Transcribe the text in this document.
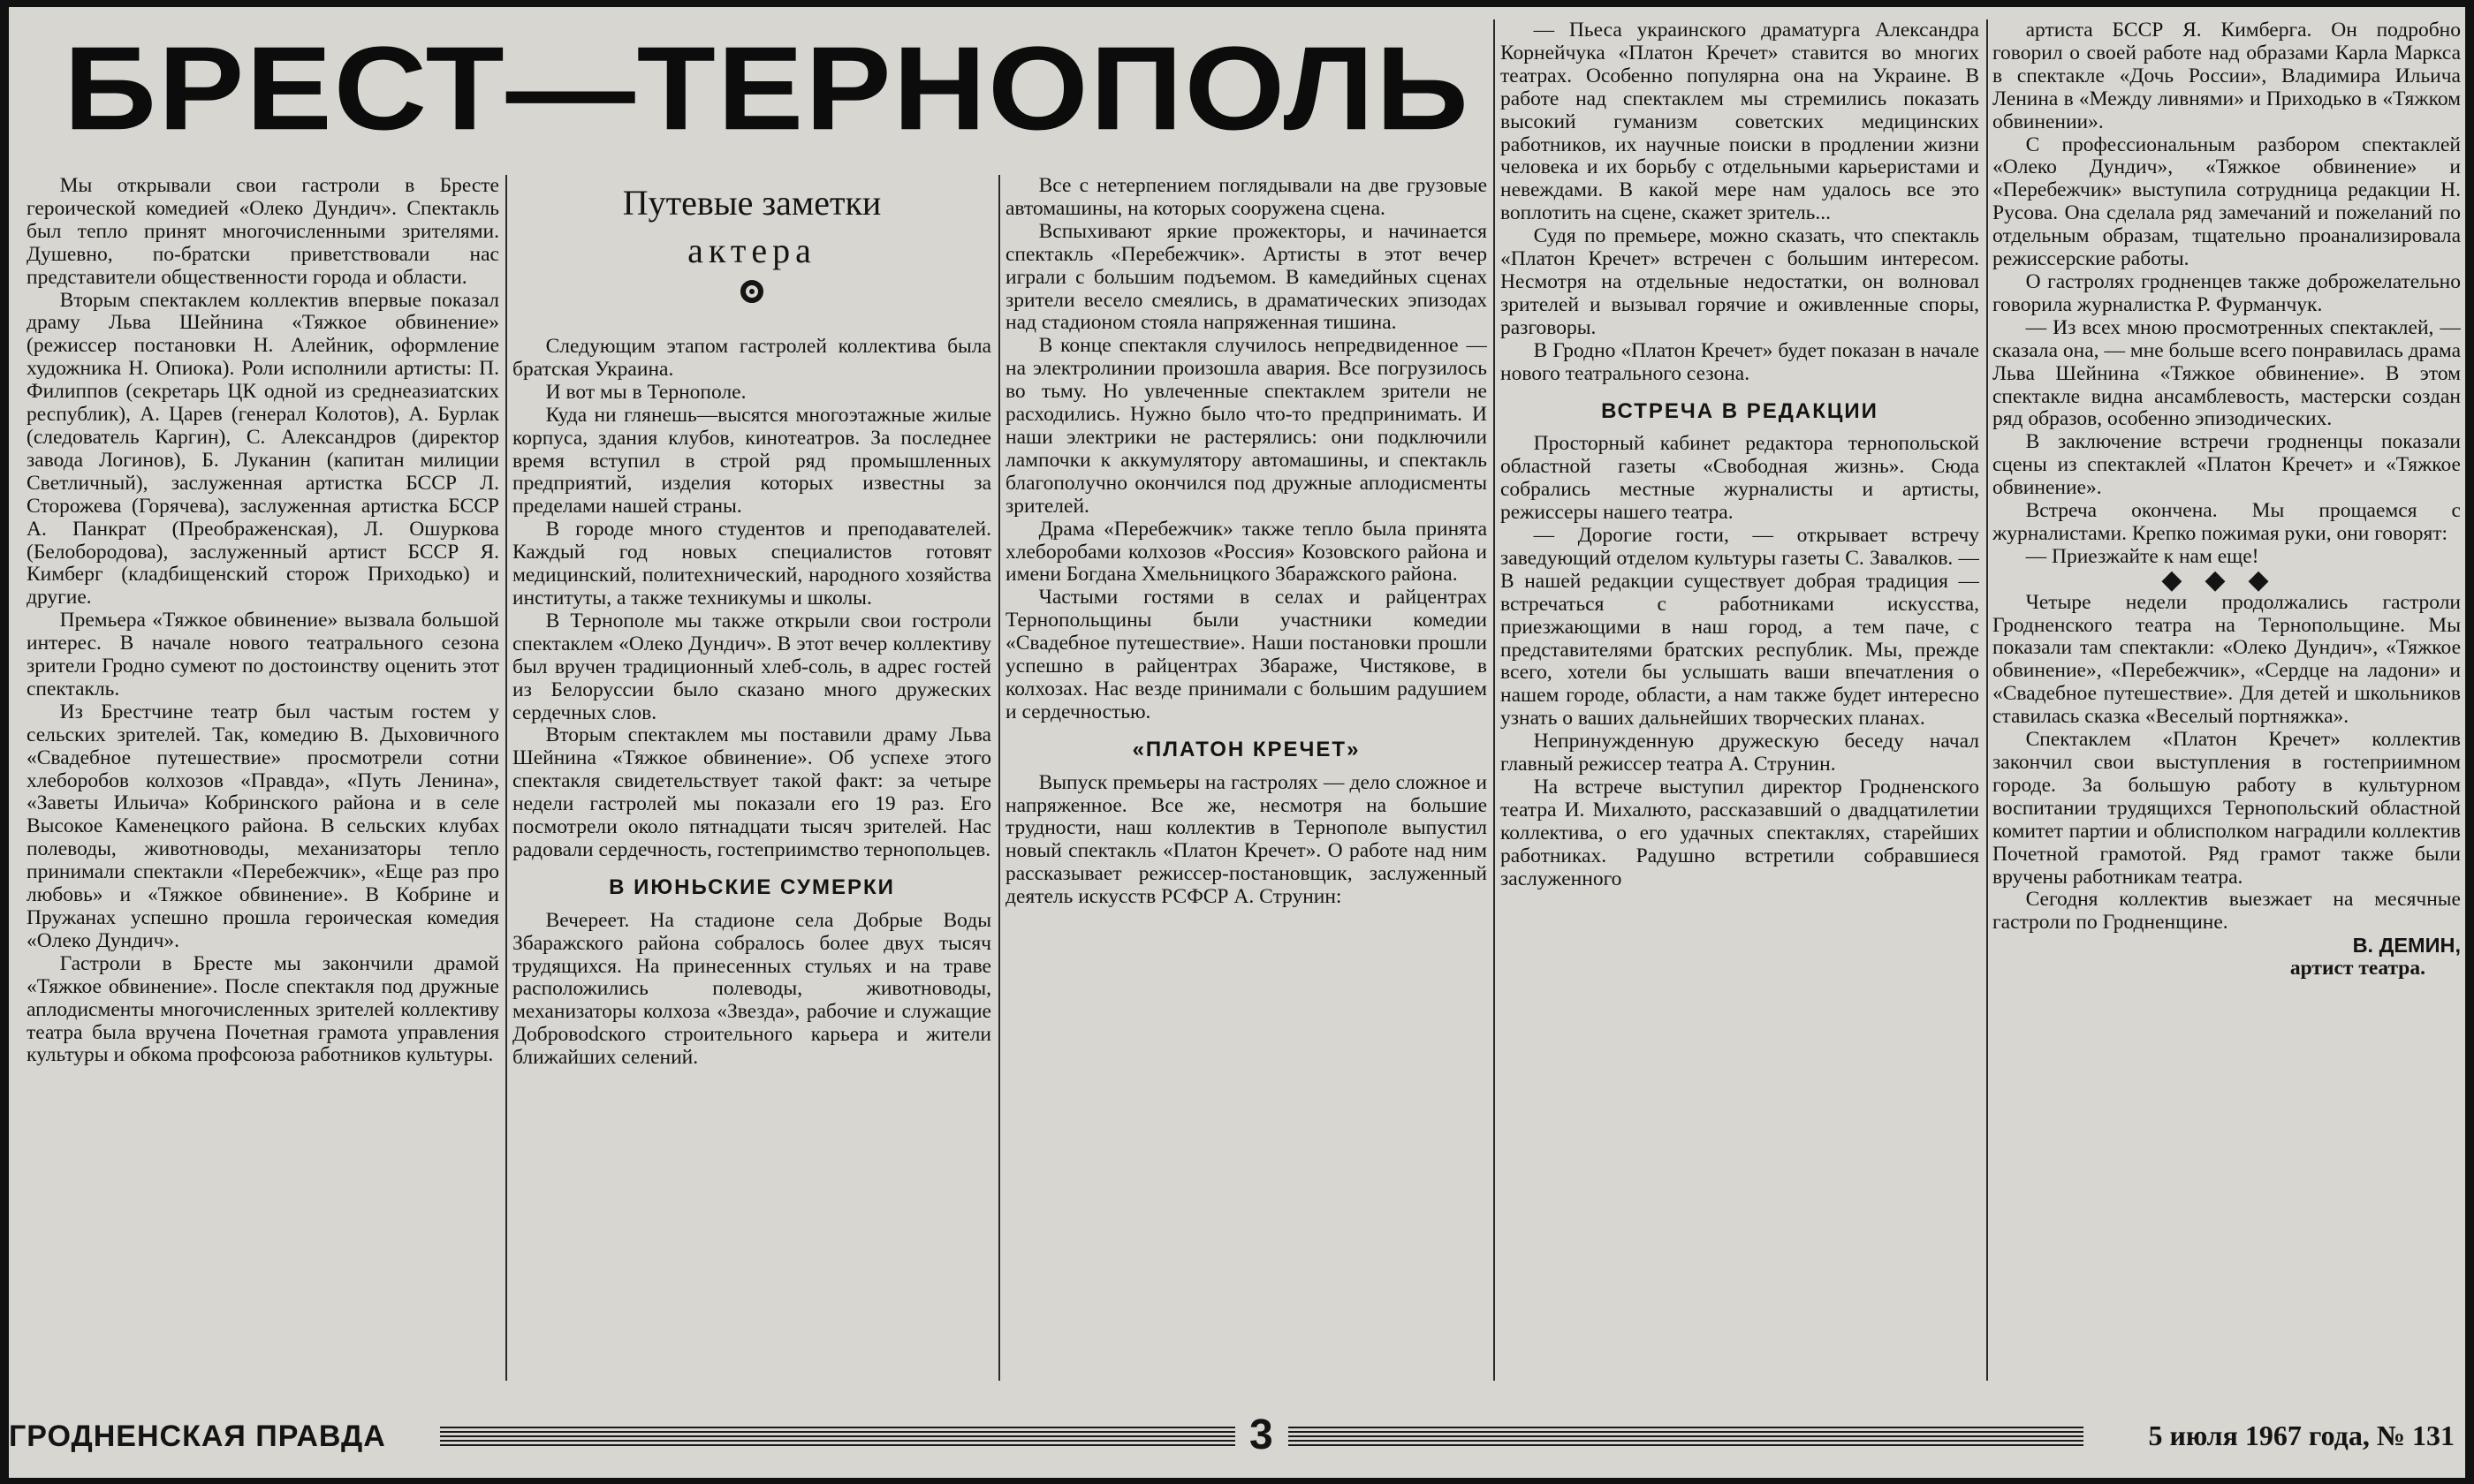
БРЕСТ—ТЕРНОПОЛЬ

Мы открывали свои гастроли в Бресте героической комедией «Олеко Дундич». Спектакль был тепло принят многочисленными зрителями. Душевно, по-братски приветствовали нас представители общественности города и области.

Вторым спектаклем коллектив впервые показал драму Льва Шейнина «Тяжкое обвинение» (режиссер постановки Н. Алейник, оформление художника Н. Опиока). Роли исполнили артисты: П. Филиппов (секретарь ЦК одной из среднеазиатских республик), А. Царев (генерал Колотов), А. Бурлак (следователь Каргин), С. Александров (директор завода Логинов), Б. Луканин (капитан милиции Светличный), заслуженная артистка БССР Л. Сторожева (Горячева), заслуженная артистка БССР А. Панкрат (Преображенская), Л. Ошуркова (Белобородова), заслуженный артист БССР Я. Кимберг (кладбищенский сторож Приходько) и другие.

Премьера «Тяжкое обвинение» вызвала большой интерес. В начале нового театрального сезона зрители Гродно сумеют по достоинству оценить этот спектакль.

Из Брестчине театр был частым гостем у сельских зрителей. Так, комедию В. Дыховичного «Свадебное путешествие» просмотрели сотни хлеборобов колхозов «Правда», «Путь Ленина», «Заветы Ильича» Кобринского района и в селе Высокое Каменецкого района. В сельских клубах полеводы, животноводы, механизаторы тепло принимали спектакли «Перебежчик», «Еще раз про любовь» и «Тяжкое обвинение». В Кобрине и Пружанах успешно прошла героическая комедия «Олеко Дундич».

Гастроли в Бресте мы закончили драмой «Тяжкое обвинение». После спектакля под дружные аплодисменты многочисленных зрителей коллективу театра была вручена Почетная грамота управления культуры и обкома профсоюза работников культуры.

Путевые заметки
актера

Следующим этапом гастролей коллектива была братская Украина.

И вот мы в Тернополе.

Куда ни глянешь—высятся многоэтажные жилые корпуса, здания клубов, кинотеатров. За последнее время вступил в строй ряд промышленных предприятий, изделия которых известны за пределами нашей страны.

В городе много студентов и преподавателей. Каждый год новых специалистов готовят медицинский, политехнический, народного хозяйства институты, а также техникумы и школы.

В Тернополе мы также открыли свои гостроли спектаклем «Олеко Дундич». В этот вечер коллективу был вручен традиционный хлеб-соль, в адрес гостей из Белоруссии было сказано много дружеских сердечных слов.

Вторым спектаклем мы поставили драму Льва Шейнина «Тяжкое обвинение». Об успехе этого спектакля свидетельствует такой факт: за четыре недели гастролей мы показали его 19 раз. Его посмотрели около пятнадцати тысяч зрителей. Нас радовали сердечность, гостеприимство тернопольцев.

В ИЮНЬСКИЕ СУМЕРКИ

Вечереет. На стадионе села Добрые Воды Збаражского района собралось более двух тысяч трудящихся. На принесенных стульях и на траве расположились полеводы, животноводы, механизаторы колхоза «Звезда», рабочие и служащие Добровodского строительного карьера и жители ближайших селений.

Все с нетерпением поглядывали на две грузовые автомашины, на которых сооружена сцена.

Вспыхивают яркие прожекторы, и начинается спектакль «Перебежчик». Артисты в этот вечер играли с большим подъемом. В камедийных сценах зрители весело смеялись, в драматических эпизодах над стадионом стояла напряженная тишина.

В конце спектакля случилось непредвиденное — на электролинии произошла авария. Все погрузилось во тьму. Но увлеченные спектаклем зрители не расходились. Нужно было что-то предпринимать. И наши электрики не растерялись: они подключили лампочки к аккумулятору автомашины, и спектакль благополучно окончился под дружные аплодисменты зрителей.

Драма «Перебежчик» также тепло была принята хлеборобами колхозов «Россия» Козовского района и имени Богдана Хмельницкого Збаражского района.

Частыми гостями в селах и райцентрах Тернопольщины были участники комедии «Свадебное путешествие». Наши постановки прошли успешно в райцентрах Збараже, Чистякове, в колхозах. Нас везде принимали с большим радушием и сердечностью.

«ПЛАТОН КРЕЧЕТ»

Выпуск премьеры на гастролях — дело сложное и напряженное. Все же, несмотря на большие трудности, наш коллектив в Тернополе выпустил новый спектакль «Платон Кречет». О работе над ним рассказывает режиссер-постановщик, заслуженный деятель искусств РСФСР А. Струнин:

— Пьеса украинского драматурга Александра Корнейчука «Платон Кречет» ставится во многих театрах. Особенно популярна она на Украине. В работе над спектаклем мы стремились показать высокий гуманизм советских медицинских работников, их научные поиски в продлении жизни человека и их борьбу с отдельными карьеристами и невеждами. В какой мере нам удалось все это воплотить на сцене, скажет зритель...

Судя по премьере, можно сказать, что спектакль «Платон Кречет» встречен с большим интересом. Несмотря на отдельные недостатки, он волновал зрителей и вызывал горячие и оживленные споры, разговоры.

В Гродно «Платон Кречет» будет показан в начале нового театрального сезона.

ВСТРЕЧА В РЕДАКЦИИ

Просторный кабинет редактора тернопольской областной газеты «Свободная жизнь». Сюда собрались местные журналисты и артисты, режиссеры нашего театра.

— Дорогие гости, — открывает встречу заведующий отделом культуры газеты С. Завалков. — В нашей редакции существует добрая традиция — встречаться с работниками искусства, приезжающими в наш город, а тем паче, с представителями братских республик. Мы, прежде всего, хотели бы услышать ваши впечатления о нашем городе, области, а нам также будет интересно узнать о ваших дальнейших творческих планах.

Непринужденную дружескую беседу начал главный режиссер театра А. Струнин.

На встрече выступил директор Гродненского театра И. Михалюто, рассказавший о двадцатилетии коллектива, о его удачных спектаклях, старейших работниках. Радушно встретили собравшиеся заслуженного

артиста БССР Я. Кимберга. Он подробно говорил о своей работе над образами Карла Маркса в спектакле «Дочь России», Владимира Ильича Ленина в «Между ливнями» и Приходько в «Тяжком обвинении».

С профессиональным разбором спектаклей «Олеко Дундич», «Тяжкое обвинение» и «Перебежчик» выступила сотрудница редакции Н. Русова. Она сделала ряд замечаний и пожеланий по отдельным образам, тщательно проанализировала режиссерские работы.

О гастролях гродненцев также доброжелательно говорила журналистка Р. Фурманчук.

— Из всех мною просмотренных спектаклей, — сказала она, — мне больше всего понравилась драма Льва Шейнина «Тяжкое обвинение». В этом спектакле видна ансамблевость, мастерски создан ряд образов, особенно эпизодических.

В заключение встречи гродненцы показали сцены из спектаклей «Платон Кречет» и «Тяжкое обвинение».

Встреча окончена. Мы прощаемся с журналистами. Крепко пожимая руки, они говорят:

— Приезжайте к нам еще!

◆◆◆

Четыре недели продолжались гастроли Гродненского театра на Тернопольщине. Мы показали там спектакли: «Олеко Дундич», «Тяжкое обвинение», «Перебежчик», «Сердце на ладони» и «Свадебное путешествие». Для детей и школьников ставилась сказка «Веселый портняжка».

Спектаклем «Платон Кречет» коллектив закончил свои выступления в гостеприимном городе. За большую работу в культурном воспитании трудящихся Тернопольский областной комитет партии и облисполком наградили коллектив Почетной грамотой. Ряд грамот также были вручены работникам театра.

Сегодня коллектив выезжает на месячные гастроли по Гродненщине.

В. ДЕМИН,

артист театра.

ГРОДНЕНСКАЯ ПРАВДА	3	5 июля 1967 года, № 131
